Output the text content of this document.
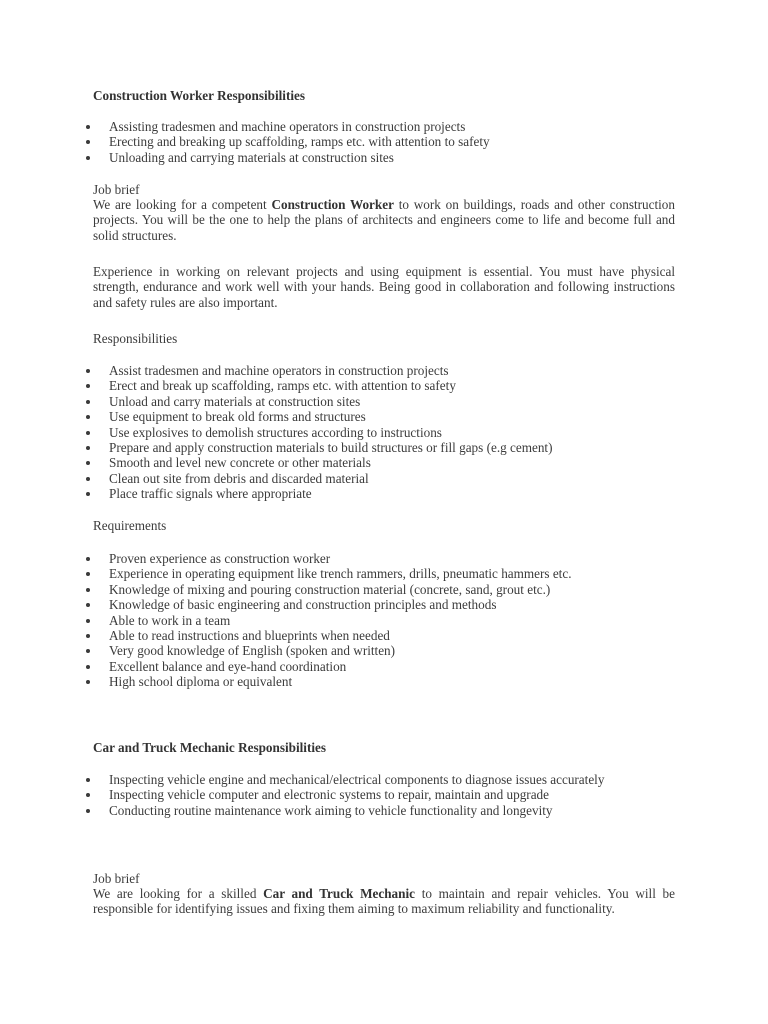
Construction Worker Responsibilities
Assisting tradesmen and machine operators in construction projects
Erecting and breaking up scaffolding, ramps etc. with attention to safety
Unloading and carrying materials at construction sites
Job brief

We are looking for a competent Construction Worker to work on buildings, roads and other construction projects. You will be the one to help the plans of architects and engineers come to life and become full and solid structures.

Experience in working on relevant projects and using equipment is essential. You must have physical strength, endurance and work well with your hands. Being good in collaboration and following instructions and safety rules are also important.

Responsibilities
Assist tradesmen and machine operators in construction projects
Erect and break up scaffolding, ramps etc. with attention to safety
Unload and carry materials at construction sites
Use equipment to break old forms and structures
Use explosives to demolish structures according to instructions
Prepare and apply construction materials to build structures or fill gaps (e.g cement)
Smooth and level new concrete or other materials
Clean out site from debris and discarded material
Place traffic signals where appropriate
Requirements
Proven experience as construction worker
Experience in operating equipment like trench rammers, drills, pneumatic hammers etc.
Knowledge of mixing and pouring construction material (concrete, sand, grout etc.)
Knowledge of basic engineering and construction principles and methods
Able to work in a team
Able to read instructions and blueprints when needed
Very good knowledge of English (spoken and written)
Excellent balance and eye-hand coordination
High school diploma or equivalent
Car and Truck Mechanic Responsibilities
Inspecting vehicle engine and mechanical/electrical components to diagnose issues accurately
Inspecting vehicle computer and electronic systems to repair, maintain and upgrade
Conducting routine maintenance work aiming to vehicle functionality and longevity
Job brief

We are looking for a skilled Car and Truck Mechanic to maintain and repair vehicles. You will be responsible for identifying issues and fixing them aiming to maximum reliability and functionality.
